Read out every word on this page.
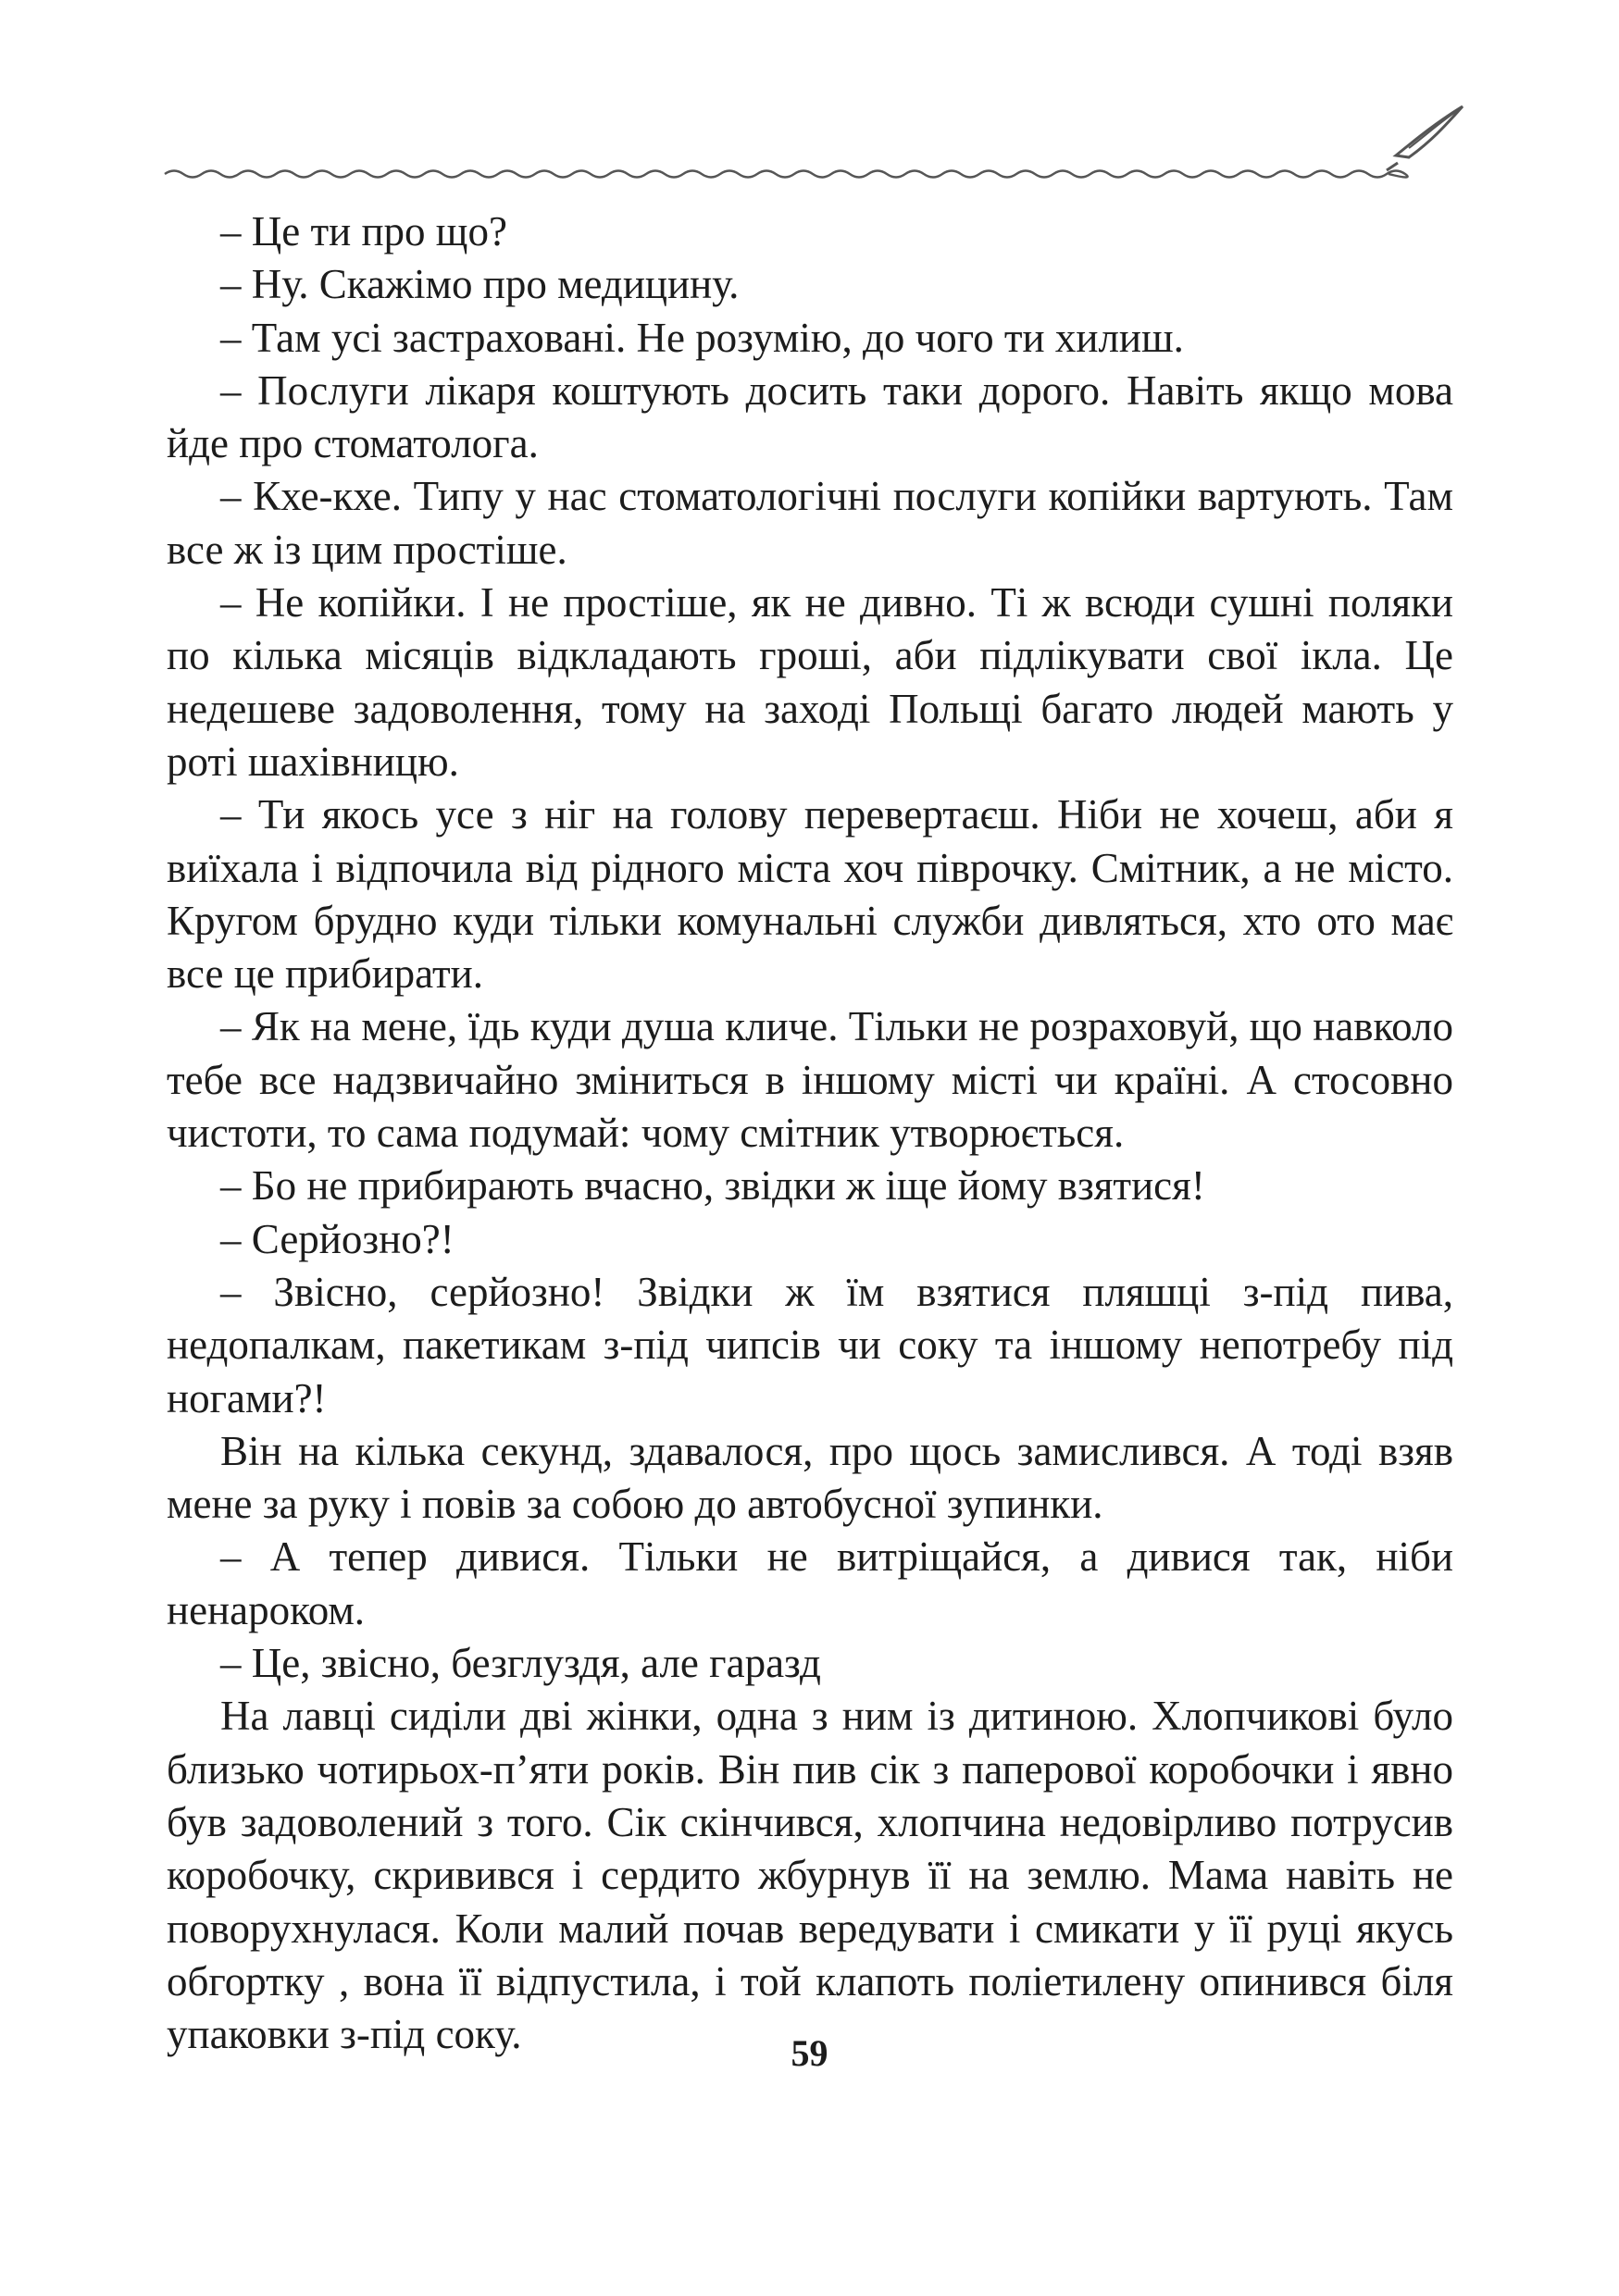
– Це ти про що?

– Ну. Скажімо про медицину.

– Там усі застраховані. Не розумію, до чого ти хилиш.

– Послуги лікаря коштують досить таки дорого. Навіть якщо мова йде про стоматолога.

– Кхе-кхе. Типу у нас стоматологічні послуги копійки вартують. Там все ж із цим простіше.

– Не копійки. І не простіше, як не дивно. Ті ж всюди сушні поляки по кілька місяців відкладають гроші, аби підлікувати свої ікла. Це недешеве задоволення, тому на заході Польщі багато людей мають у роті шахівницю.

– Ти якось усе з ніг на голову перевертаєш. Ніби не хочеш, аби я виїхала і відпочила від рідного міста хоч піврочку. Смітник, а не місто. Кругом брудно куди тільки комунальні служби дивляться, хто ото має все це прибирати.

– Як на мене, їдь куди душа кличе. Тільки не розраховуй, що навколо тебе все надзвичайно зміниться в іншому місті чи країні. А стосовно чистоти, то сама подумай: чому смітник утворюється.

– Бо не прибирають вчасно, звідки ж іще йому взятися!

– Серйозно?!

– Звісно, серйозно! Звідки ж їм взятися пляшці з-під пива, недопалкам, пакетикам з-під чипсів чи соку та іншому непотребу під ногами?!

Він на кілька секунд, здавалося, про щось замислився. А тоді взяв мене за руку і повів за собою до автобусної зупинки.

– А тепер дивися. Тільки не витріщайся, а дивися так, ніби ненароком.

– Це, звісно, безглуздя, але гаразд

На лавці сиділи дві жінки, одна з ним із дитиною. Хлопчикові було близько чотирьох-п’яти років. Він пив сік з паперової коробочки і явно був задоволений з того. Сік скінчився, хлопчина недовірливо потрусив коробочку, скривився і сердито жбурнув її на землю. Мама навіть не поворухнулася. Коли малий почав вередувати і смикати у її руці якусь обгортку , вона її відпустила, і той клапоть поліетилену опинився біля упаковки з-під соку.	59
